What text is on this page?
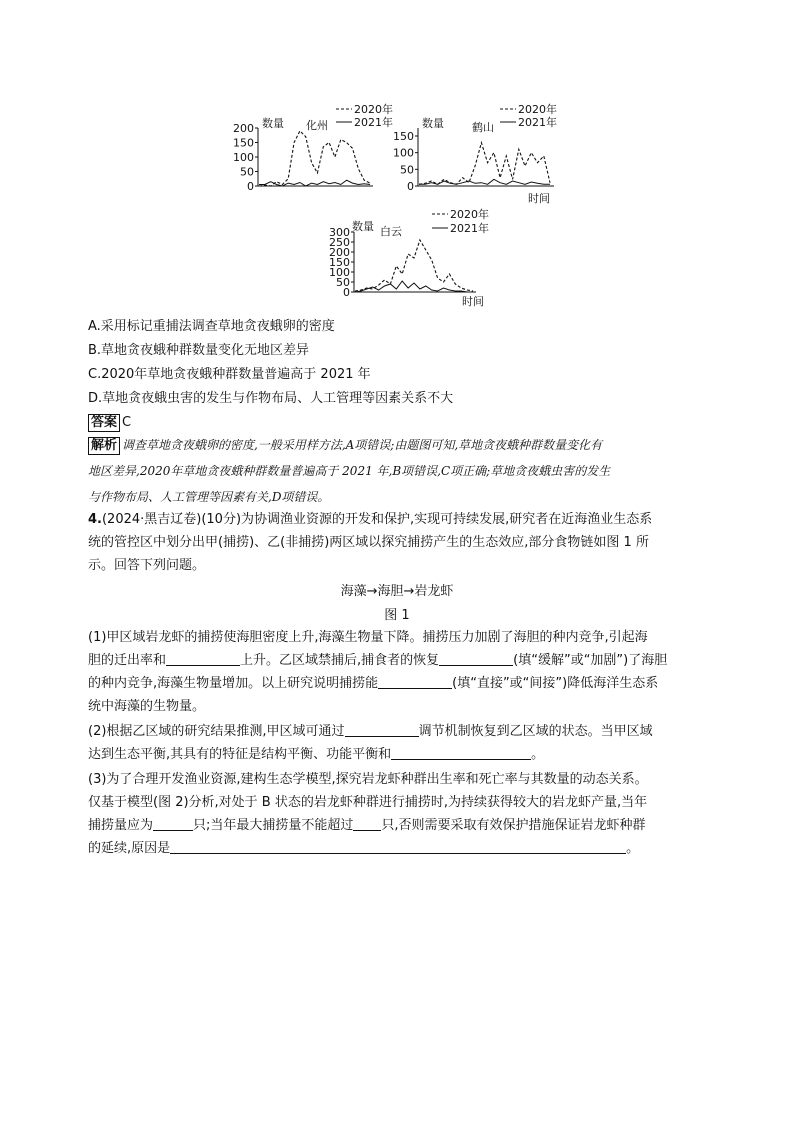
数量 化州
2020年
2021年
0
50
100
150
200	数量	鹤山
2020年
2021年
时间
0
50
100
150
数量 白云
2020年
2021年
时间
0
50
100
150
200
250
300
A.采用标记重捕法调查草地贪夜蛾卵的密度
B.草地贪夜蛾种群数量变化无地区差异
C.2020年草地贪夜蛾种群数量普遍高于 2021 年
D.草地贪夜蛾虫害的发生与作物布局、人工管理等因素关系不大
答案 C
解析 调查草地贪夜蛾卵的密度,一般采用样方法,A项错误;由题图可知,草地贪夜蛾种群数量变化有
地区差异,2020年草地贪夜蛾种群数量普遍高于 2021 年,B项错误,C项正确;草地贪夜蛾虫害的发生
与作物布局、人工管理等因素有关,D项错误。
4.(2024·黑吉辽卷)(10分)为协调渔业资源的开发和保护,实现可持续发展,研究者在近海渔业生态系
统的管控区中划分出甲(捕捞)、乙(非捕捞)两区域以探究捕捞产生的生态效应,部分食物链如图 1 所
示。回答下列问题。
海藻→海胆→岩龙虾
图 1
(1)甲区域岩龙虾的捕捞使海胆密度上升,海藻生物量下降。捕捞压力加剧了海胆的种内竞争,引起海
胆的迁出率和	上升。乙区域禁捕后,捕食者的恢复	(填“缓解”或“加剧”)了海胆
的种内竞争,海藻生物量增加。以上研究说明捕捞能	(填“直接”或“间接”)降低海洋生态系
统中海藻的生物量。
(2)根据乙区域的研究结果推测,甲区域可通过	调节机制恢复到乙区域的状态。当甲区域
达到生态平衡,其具有的特征是结构平衡、功能平衡和	。
(3)为了合理开发渔业资源,建构生态学模型,探究岩龙虾种群出生率和死亡率与其数量的动态关系。
仅基于模型(图 2)分析,对处于 B 状态的岩龙虾种群进行捕捞时,为持续获得较大的岩龙虾产量,当年
捕捞量应为	只;当年最大捕捞量不能超过 只,否则需要采取有效保护措施保证岩龙虾种群
的延续,原因是	。
